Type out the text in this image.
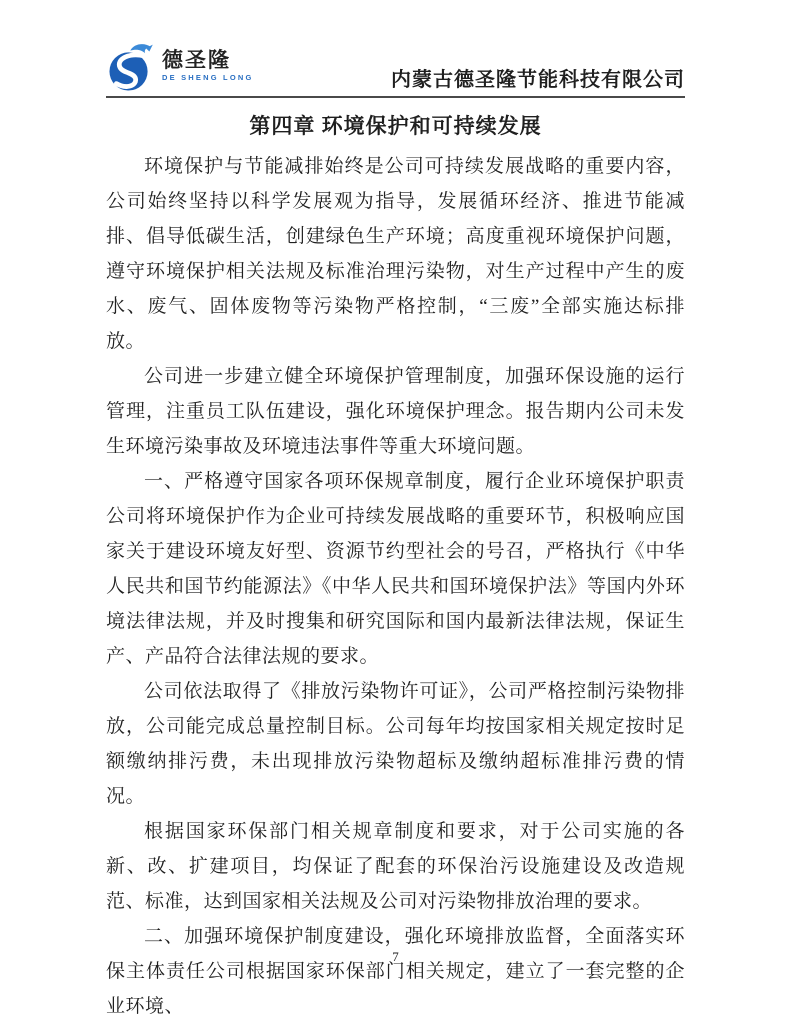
德圣隆
DE SHENG LONG	内蒙古德圣隆节能科技有限公司
第四章 环境保护和可持续发展

环境保护与节能减排始终是公司可持续发展战略的重要内容，公司始终坚持以科学发展观为指导，发展循环经济、推进节能减排、倡导低碳生活，创建绿色生产环境；高度重视环境保护问题，遵守环境保护相关法规及标准治理污染物，对生产过程中产生的废水、废气、固体废物等污染物严格控制，“三废”全部实施达标排放。

公司进一步建立健全环境保护管理制度，加强环保设施的运行管理，注重员工队伍建设，强化环境保护理念。报告期内公司未发生环境污染事故及环境违法事件等重大环境问题。

一、严格遵守国家各项环保规章制度，履行企业环境保护职责公司将环境保护作为企业可持续发展战略的重要环节，积极响应国家关于建设环境友好型、资源节约型社会的号召，严格执行《中华人民共和国节约能源法》《中华人民共和国环境保护法》等国内外环境法律法规，并及时搜集和研究国际和国内最新法律法规，保证生产、产品符合法律法规的要求。

公司依法取得了《排放污染物许可证》，公司严格控制污染物排放，公司能完成总量控制目标。公司每年均按国家相关规定按时足额缴纳排污费，未出现排放污染物超标及缴纳超标准排污费的情况。

根据国家环保部门相关规章制度和要求，对于公司实施的各新、改、扩建项目，均保证了配套的环保治污设施建设及改造规范、标准，达到国家相关法规及公司对污染物排放治理的要求。

二、加强环境保护制度建设，强化环境排放监督，全面落实环保主体责任公司根据国家环保部门相关规定，建立了一套完整的企业环境、

7
